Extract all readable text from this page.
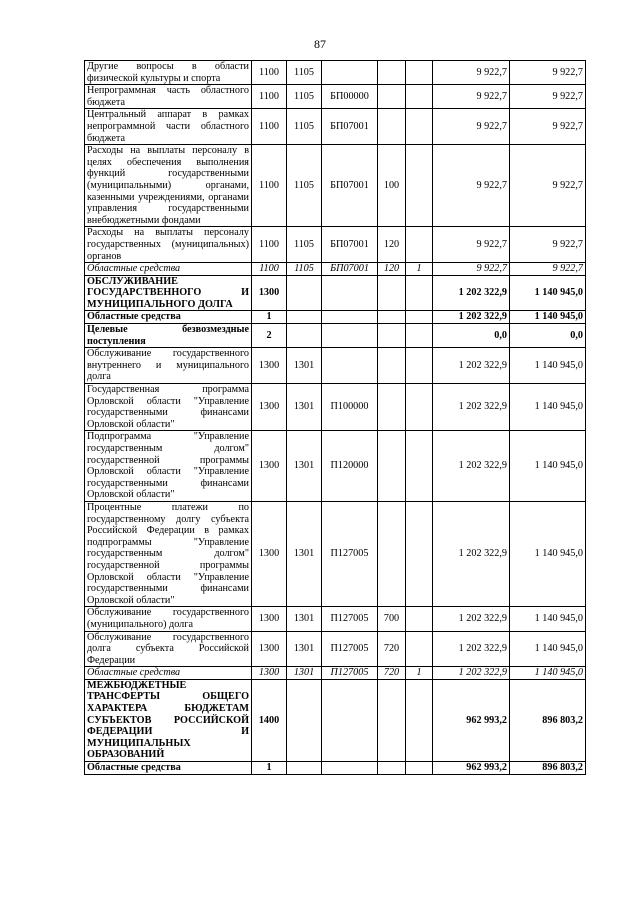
87
Другие вопросы в области физической культуры и спорта	1100	1105				9 922,7	9 922,7
Непрограммная часть областного бюджета	1100	1105	БП00000			9 922,7	9 922,7
Центральный аппарат в рамках непрограммной части областного бюджета	1100	1105	БП07001			9 922,7	9 922,7
Расходы на выплаты персоналу в целях обеспечения выполнения функций государственными (муниципальными) органами, казенными учреждениями, органами управления государственными внебюджетными фондами	1100	1105	БП07001	100		9 922,7	9 922,7
Расходы на выплаты персоналу государственных (муниципальных) органов	1100	1105	БП07001	120		9 922,7	9 922,7
Областные средства	1100	1105	БП07001	120	1	9 922,7	9 922,7
ОБСЛУЖИВАНИЕ ГОСУДАРСТВЕННОГО И МУНИЦИПАЛЬНОГО ДОЛГА	1300					1 202 322,9	1 140 945,0
Областные средства	1					1 202 322,9	1 140 945,0
Целевые безвозмездные поступления	2					0,0	0,0
Обслуживание государственного внутреннего и муниципального долга	1300	1301				1 202 322,9	1 140 945,0
Государственная программа Орловской области "Управление государственными финансами Орловской области"	1300	1301	П100000			1 202 322,9	1 140 945,0
Подпрограмма "Управление государственным долгом" государственной программы Орловской области "Управление государственными финансами Орловской области"	1300	1301	П120000			1 202 322,9	1 140 945,0
Процентные платежи по государственному долгу субъекта Российской Федерации в рамках подпрограммы "Управление государственным долгом" государственной программы Орловской области "Управление государственными финансами Орловской области"	1300	1301	П127005			1 202 322,9	1 140 945,0
Обслуживание государственного (муниципального) долга	1300	1301	П127005	700		1 202 322,9	1 140 945,0
Обслуживание государственного долга субъекта Российской Федерации	1300	1301	П127005	720		1 202 322,9	1 140 945,0
Областные средства	1300	1301	П127005	720	1	1 202 322,9	1 140 945,0
МЕЖБЮДЖЕТНЫЕ ТРАНСФЕРТЫ ОБЩЕГО ХАРАКТЕРА БЮДЖЕТАМ СУБЪЕКТОВ РОССИЙСКОЙ ФЕДЕРАЦИИ И МУНИЦИПАЛЬНЫХ ОБРАЗОВАНИЙ	1400					962 993,2	896 803,2
Областные средства	1					962 993,2	896 803,2
